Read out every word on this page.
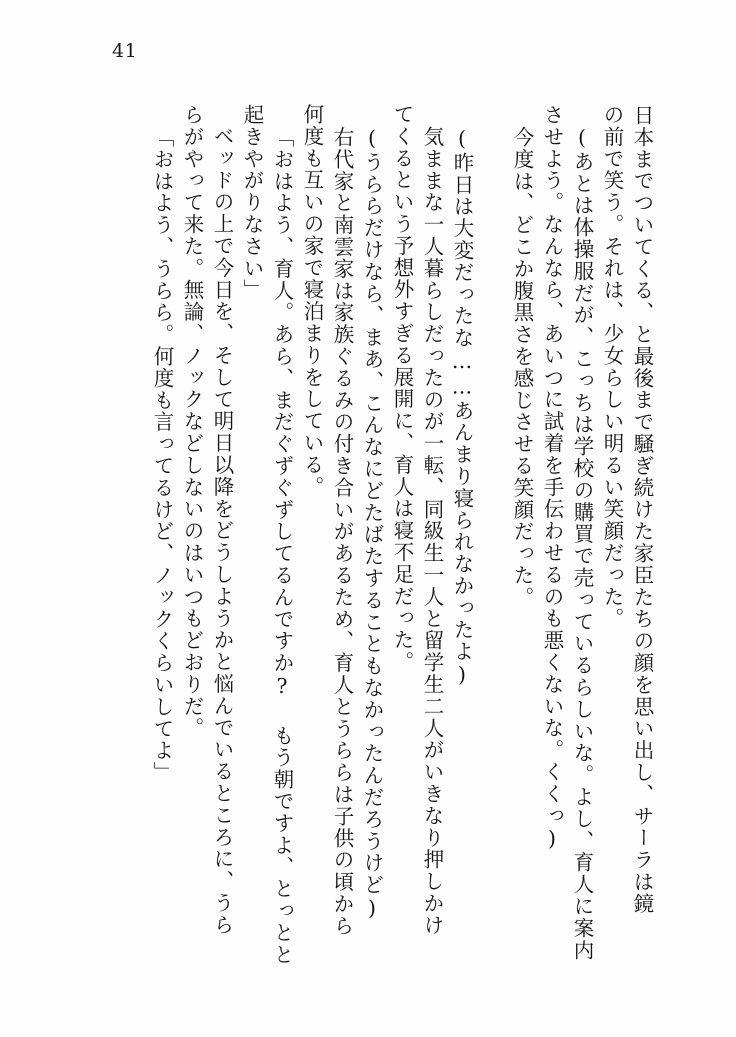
41
日本までついてくる、と最後まで騒ぎ続けた家臣たちの顔を思い出し、サーラは鏡
の前で笑う。それは、少女らしい明るい笑顔だった。
(あとは体操服だが、こっちは学校の購買で売っているらしいな。よし、育人に案内
させよう。なんなら、あいつに試着を手伝わせるのも悪くないな。くくっ)
今度は、どこか腹黒さを感じさせる笑顔だった。
(昨日は大変だったな……あんまり寝られなかったよ)
気ままな一人暮らしだったのが一転、同級生一人と留学生二人がいきなり押しかけ
てくるという予想外すぎる展開に、育人は寝不足だった。
(うららだけなら、まあ、こんなにどたばたすることもなかったんだろうけど)
右代家と南雲家は家族ぐるみの付き合いがあるため、育人とうららは子供の頃から
何度も互いの家で寝泊まりをしている。
「おはよう、育人。あら、まだぐずぐずしてるんですか? もう朝ですよ、とっとと
起きやがりなさい」
ベッドの上で今日を、そして明日以降をどうしようかと悩んでいるところに、うら
らがやって来た。無論、ノックなどしないのはいつもどおりだ。
「おはよう、うらら。何度も言ってるけど、ノックくらいしてよ」
